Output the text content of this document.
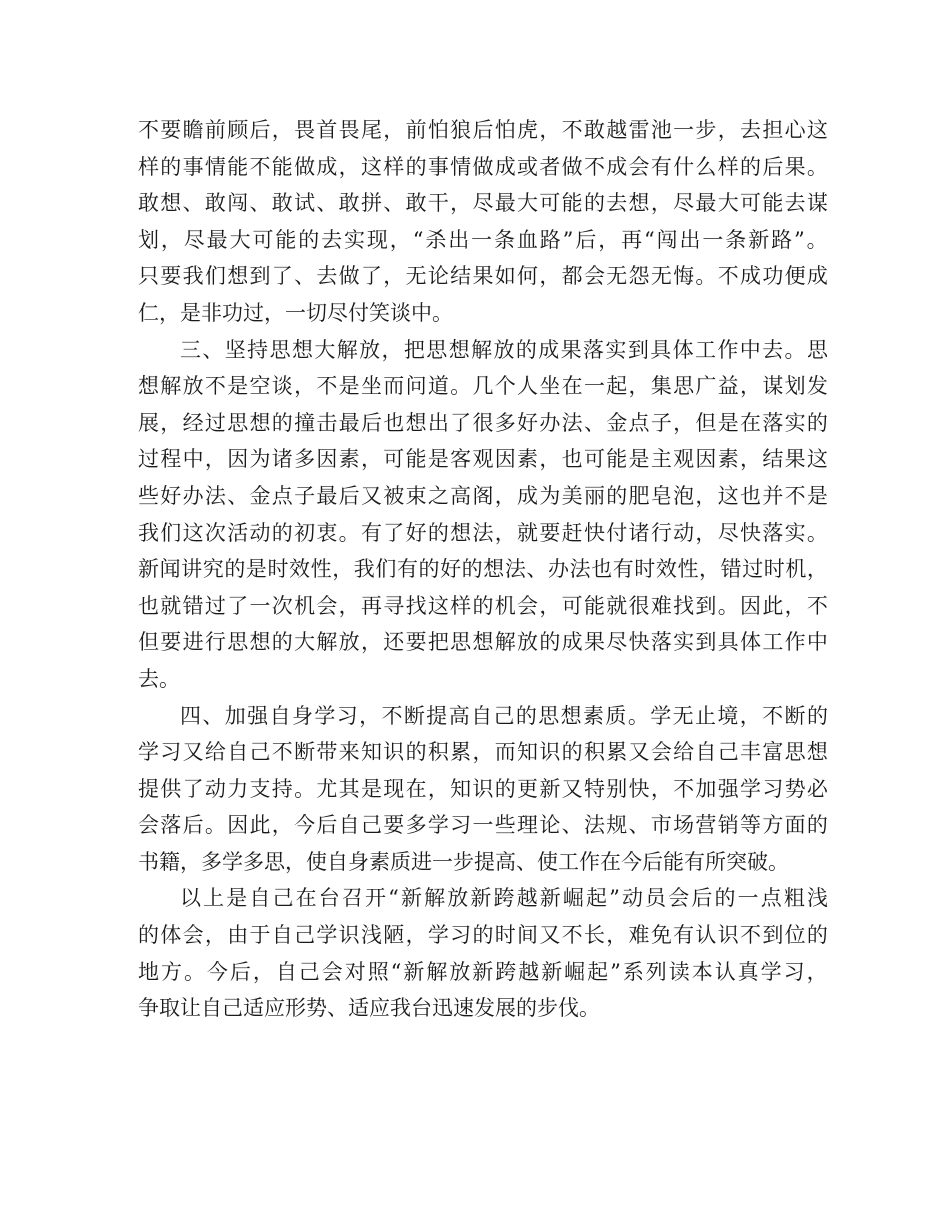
不 要 瞻 前 顾 后 ， 畏 首 畏 尾 ， 前 怕 狼 后 怕 虎 ， 不 敢 越 雷 池 一 步 ， 去 担 心 这
样 的 事 情 能 不 能 做 成 ， 这 样 的 事 情 做 成 或 者 做 不 成 会 有 什 么 样 的 后 果 。
敢 想 、 敢 闯 、 敢 试 、 敢 拼 、 敢 干 ， 尽 最 大 可 能 的 去 想 ， 尽 最 大 可 能 去 谋
划 ， 尽 最 大 可 能 的 去 实 现 ， “ 杀 出 一 条 血 路 ” 后 ， 再 “ 闯 出 一 条 新 路 ” 。
只 要 我 们 想 到 了 、 去 做 了 ， 无 论 结 果 如 何 ， 都 会 无 怨 无 悔 。 不 成 功 便 成
仁，是非功过，一切尽付笑谈中。
三 、 坚 持 思 想 大 解 放 ， 把 思 想 解 放 的 成 果 落 实 到 具 体 工 作 中 去 。 思
想 解 放 不 是 空 谈 ， 不 是 坐 而 问 道 。 几 个 人 坐 在 一 起 ， 集 思 广 益 ， 谋 划 发
展 ， 经 过 思 想 的 撞 击 最 后 也 想 出 了 很 多 好 办 法 、 金 点 子 ， 但 是 在 落 实 的
过 程 中 ， 因 为 诸 多 因 素 ， 可 能 是 客 观 因 素 ， 也 可 能 是 主 观 因 素 ， 结 果 这
些 好 办 法 、 金 点 子 最 后 又 被 束 之 高 阁 ， 成 为 美 丽 的 肥 皂 泡 ， 这 也 并 不 是
我 们 这 次 活 动 的 初 衷 。 有 了 好 的 想 法 ， 就 要 赶 快 付 诸 行 动 ， 尽 快 落 实 。
新 闻 讲 究 的 是 时 效 性 ， 我 们 有 的 好 的 想 法 、 办 法 也 有 时 效 性 ， 错 过 时 机 ，
也 就 错 过 了 一 次 机 会 ， 再 寻 找 这 样 的 机 会 ， 可 能 就 很 难 找 到 。 因 此 ， 不
但 要 进 行 思 想 的 大 解 放 ， 还 要 把 思 想 解 放 的 成 果 尽 快 落 实 到 具 体 工 作 中
去。
四 、 加 强 自 身 学 习 ， 不 断 提 高 自 己 的 思 想 素 质 。 学 无 止 境 ， 不 断 的
学 习 又 给 自 己 不 断 带 来 知 识 的 积 累 ， 而 知 识 的 积 累 又 会 给 自 己 丰 富 思 想
提 供 了 动 力 支 持 。 尤 其 是 现 在 ， 知 识 的 更 新 又 特 别 快 ， 不 加 强 学 习 势 必
会 落 后 。 因 此 ， 今 后 自 己 要 多 学 习 一 些 理 论 、 法 规 、 市 场 营 销 等 方 面 的
书籍，多学多思，使自身素质进一步提高、使工作在今后能有所突破。
以 上 是 自 己 在 台 召 开 “ 新 解 放 新 跨 越 新 崛 起 ” 动 员 会 后 的 一 点 粗 浅
的 体 会 ， 由 于 自 己 学 识 浅 陋 ， 学 习 的 时 间 又 不 长 ， 难 免 有 认 识 不 到 位 的
地 方 。 今 后 ， 自 己 会 对 照 “ 新 解 放 新 跨 越 新 崛 起 ” 系 列 读 本 认 真 学 习 ，
争取让自己适应形势、适应我台迅速发展的步伐。
